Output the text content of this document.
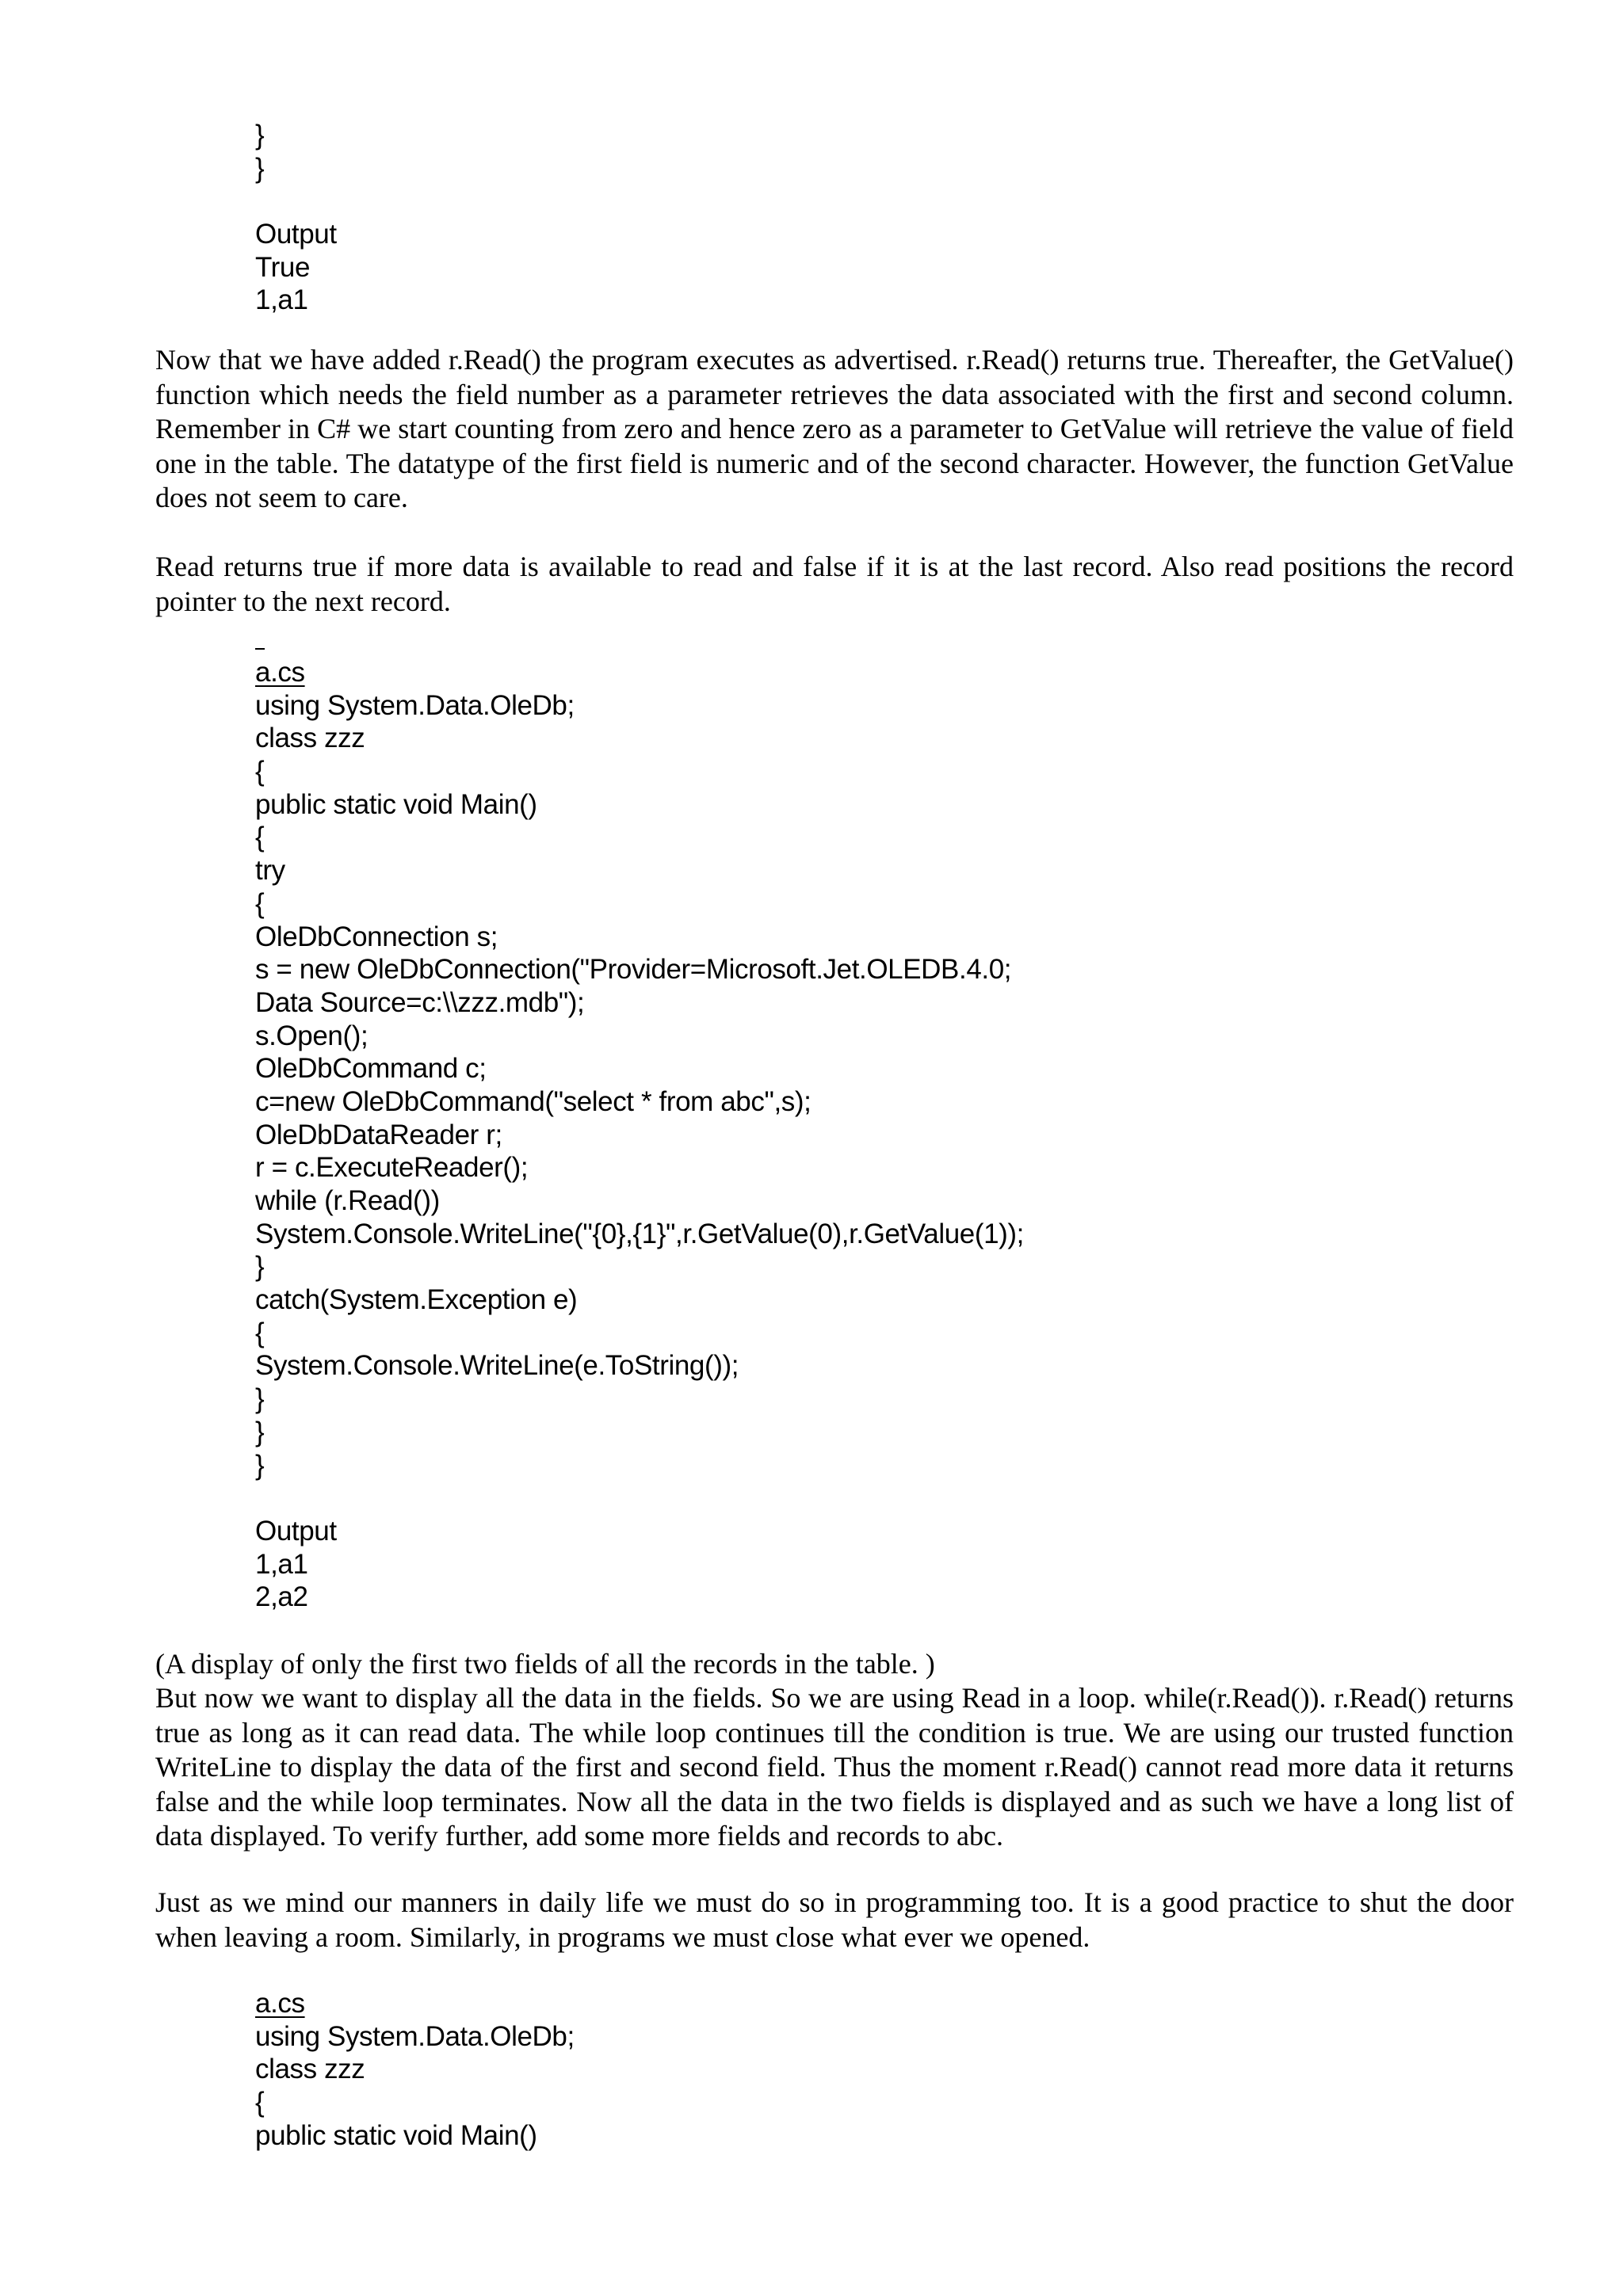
}
}
Output
True
1,a1

Now that we have added r.Read() the program executes as advertised. r.Read() returns true. Thereafter, the GetValue() function which needs the field number as a parameter retrieves the data associated with the first and second column. Remember in C# we start counting from zero and hence zero as a parameter to GetValue will retrieve the value of field one in the table. The datatype of the first field is numeric and of the second character. However, the function GetValue does not seem to care.

Read returns true if more data is available to read and false if it is at the last record. Also read positions the record pointer to the next record.

a.cs
using System.Data.OleDb;
class zzz
{
public static void Main()
{
try
{
OleDbConnection s;
s = new OleDbConnection("Provider=Microsoft.Jet.OLEDB.4.0;
Data Source=c:\\zzz.mdb");
s.Open();
OleDbCommand c;
c=new OleDbCommand("select * from abc",s);
OleDbDataReader r;
r = c.ExecuteReader();
while (r.Read())
System.Console.WriteLine("{0},{1}",r.GetValue(0),r.GetValue(1));
}
catch(System.Exception e)
{
System.Console.WriteLine(e.ToString());
}
}
}
Output
1,a1
2,a2

(A display of only the first two fields of all the records in the table. )

But now we want to display all the data in the fields. So we are using Read in a loop. while(r.Read()). r.Read() returns true as long as it can read data. The while loop continues till the condition is true. We are using our trusted function WriteLine to display the data of the first and second field. Thus the moment r.Read() cannot read more data it returns false and the while loop terminates. Now all the data in the two fields is displayed and as such we have a long list of data displayed. To verify further, add some more fields and records to abc.

Just as we mind our manners in daily life we must do so in programming too. It is a good practice to shut the door when leaving a room. Similarly, in programs we must close what ever we opened.

a.cs
using System.Data.OleDb;
class zzz
{
public static void Main()
